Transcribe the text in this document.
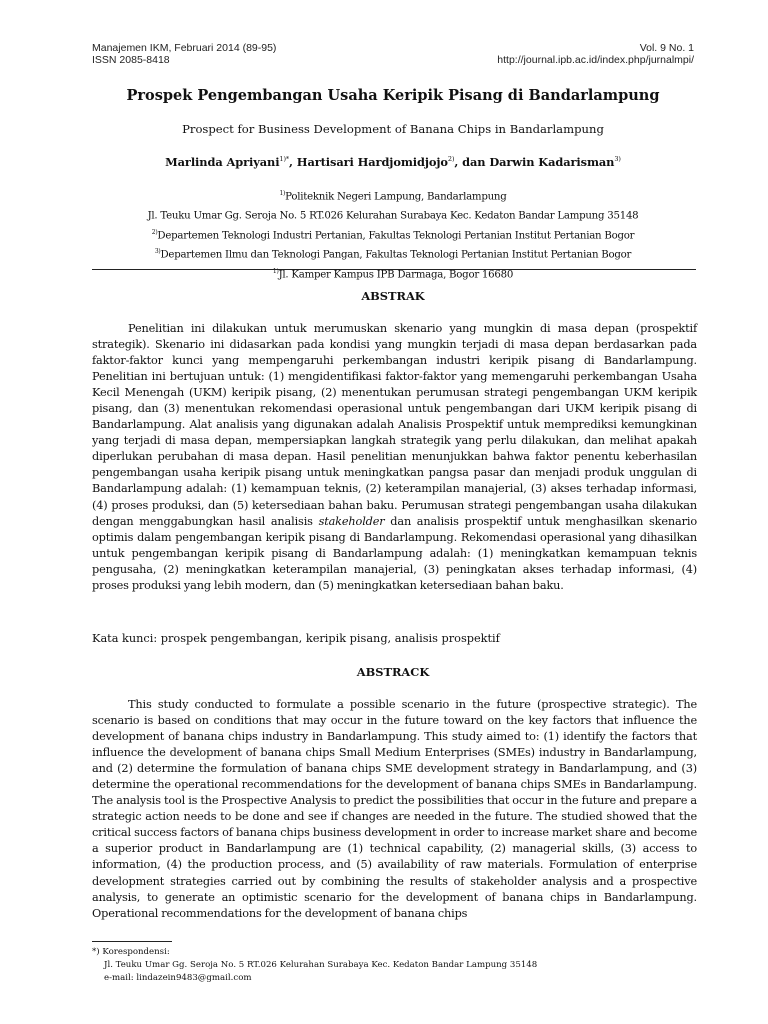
Manajemen IKM, Februari 2014 (89-95)
ISSN 2085-8418
Vol. 9 No. 1
http://journal.ipb.ac.id/index.php/jurnalmpi/
Prospek Pengembangan Usaha Keripik Pisang di Bandarlampung
Prospect for Business Development of Banana Chips in Bandarlampung
Marlinda Apriyani$^{1)*}$, Hartisari Hardjomidjojo$^{2)}$, dan Darwin Kadarisman$^{3)}$
$^{1)}$Politeknik Negeri Lampung, Bandarlampung
Jl. Teuku Umar Gg. Seroja No. 5 RT.026 Kelurahan Surabaya Kec. Kedaton Bandar Lampung 35148
$^{2)}$Departemen Teknologi Industri Pertanian, Fakultas Teknologi Pertanian Institut Pertanian Bogor
$^{3)}$Departemen Ilmu dan Teknologi Pangan, Fakultas Teknologi Pertanian Institut Pertanian Bogor
$^{1)}$Jl. Kamper Kampus IPB Darmaga, Bogor 16680
ABSTRAK
Penelitian ini dilakukan untuk merumuskan skenario yang mungkin di masa depan (prospektif strategik). Skenario ini didasarkan pada kondisi yang mungkin terjadi di masa depan berdasarkan pada faktor-faktor kunci yang mempengaruhi perkembangan industri keripik pisang di Bandarlampung. Penelitian ini bertujuan untuk: (1) mengidentifikasi faktor-faktor yang memengaruhi perkembangan Usaha Kecil Menengah (UKM) keripik pisang, (2) menentukan perumusan strategi pengembangan UKM keripik pisang, dan (3) menentukan rekomendasi operasional untuk pengembangan dari UKM keripik pisang di Bandarlampung. Alat analisis yang digunakan adalah Analisis Prospektif untuk memprediksi kemungkinan yang terjadi di masa depan, mempersiapkan langkah strategik yang perlu dilakukan, dan melihat apakah diperlukan perubahan di masa depan. Hasil penelitian menunjukkan bahwa faktor penentu keberhasilan pengembangan usaha keripik pisang untuk meningkatkan pangsa pasar dan menjadi produk unggulan di Bandarlampung adalah: (1) kemampuan teknis, (2) keterampilan manajerial, (3) akses terhadap informasi, (4) proses produksi, dan (5) ketersediaan bahan baku. Perumusan strategi pengembangan usaha dilakukan dengan menggabungkan hasil analisis stakeholder dan analisis prospektif untuk menghasilkan skenario optimis dalam pengembangan keripik pisang di Bandarlampung. Rekomendasi operasional yang dihasilkan untuk pengembangan keripik pisang di Bandarlampung adalah: (1) meningkatkan kemampuan teknis pengusaha, (2) meningkatkan keterampilan manajerial, (3) peningkatan akses terhadap informasi, (4) proses produksi yang lebih modern, dan (5) meningkatkan ketersediaan bahan baku.
Kata kunci: prospek pengembangan, keripik pisang, analisis prospektif
ABSTRACK
This study conducted to formulate a possible scenario in the future (prospective strategic). The scenario is based on conditions that may occur in the future toward on the key factors that influence the development of banana chips industry in Bandarlampung. This study aimed to: (1) identify the factors that influence the development of banana chips Small Medium Enterprises (SMEs) industry in Bandarlampung, and (2) determine the formulation of banana chips SME development strategy in Bandarlampung, and (3) determine the operational recommendations for the development of banana chips SMEs in Bandarlampung. The analysis tool is the Prospective Analysis to predict the possibilities that occur in the future and prepare a strategic action needs to be done and see if changes are needed in the future. The studied showed that the critical success factors of banana chips business development in order to increase market share and become a superior product in Bandarlampung are (1) technical capability, (2) managerial skills, (3) access to information, (4) the production process, and (5) availability of raw materials. Formulation of enterprise development strategies carried out by combining the results of stakeholder analysis and a prospective analysis, to generate an optimistic scenario for the development of banana chips in Bandarlampung. Operational recommendations for the development of banana chips
*) Korespondensi:
Jl. Teuku Umar Gg. Seroja No. 5 RT.026 Kelurahan Surabaya Kec. Kedaton Bandar Lampung 35148
e-mail: lindazein9483@gmail.com
